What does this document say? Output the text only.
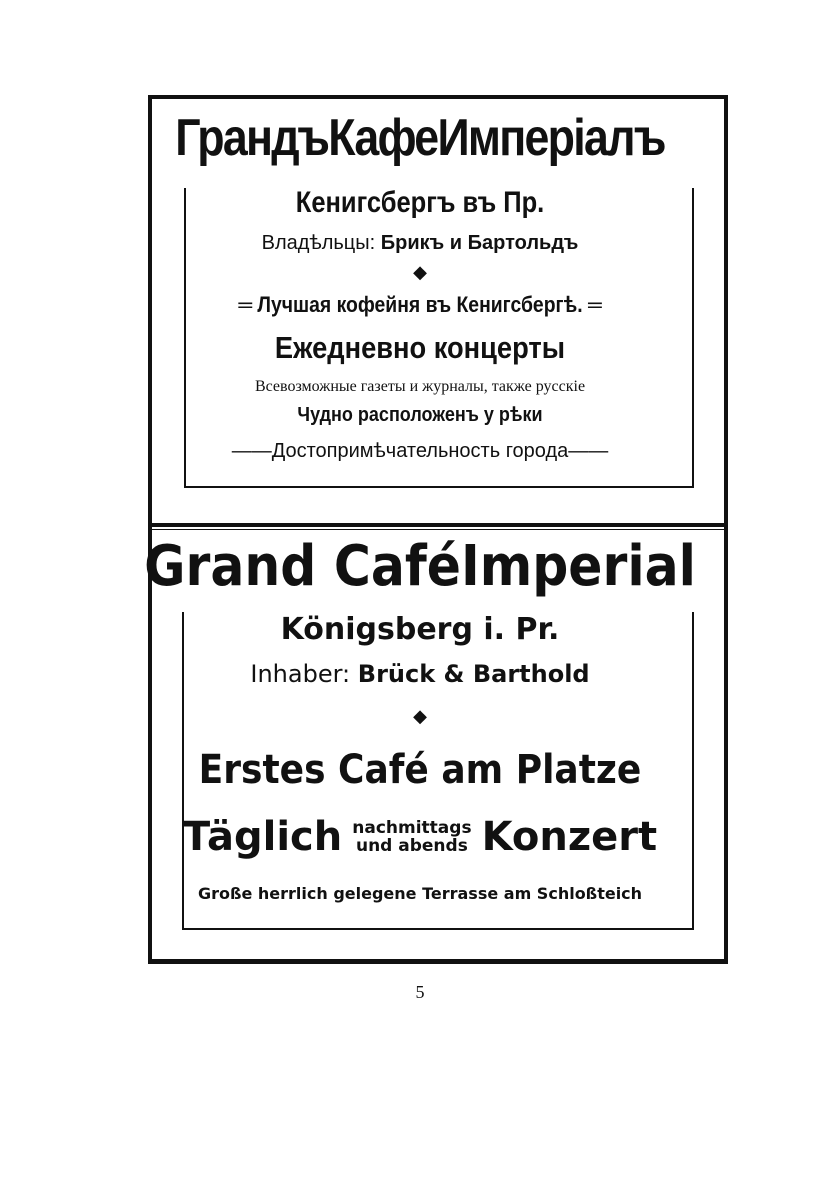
ГрандъКафеИмперiалъ
Кенигсбергъ въ Пр.
Владѣльцы: Брикъ и Бартольдъ
◆
═ Лучшая кофейня въ Кенигсбергѣ. ═
Ежедневно концерты
Всевозможные газеты и журналы, также русскiе
Чудно расположенъ у рѣки
——Достопримѣчательность города——
Grand CaféImperial
Königsberg i. Pr.
Inhaber: Brück & Barthold
◆
Erstes Café am Platze
Täglich nachmittags
und abends Konzert
Große herrlich gelegene Terrasse am Schloßteich
5
